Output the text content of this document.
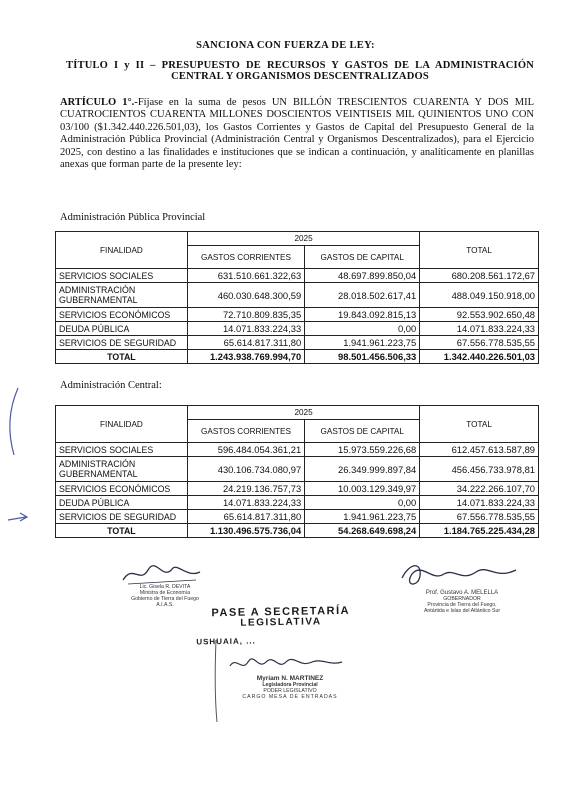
SANCIONA CON FUERZA DE LEY:
TÍTULO I y II – PRESUPUESTO DE RECURSOS Y GASTOS DE LA ADMINISTRACIÓN CENTRAL Y ORGANISMOS DESCENTRALIZADOS
ARTÍCULO 1°.-Fíjase en la suma de pesos UN BILLÓN TRESCIENTOS CUARENTA Y DOS MIL CUATROCIENTOS CUARENTA MILLONES DOSCIENTOS VEINTISEIS MIL QUINIENTOS UNO CON 03/100 ($1.342.440.226.501,03), los Gastos Corrientes y Gastos de Capital del Presupuesto General de la Administración Pública Provincial (Administración Central y Organismos Descentralizados), para el Ejercicio 2025, con destino a las finalidades e instituciones que se indican a continuación, y analíticamente en planillas anexas que forman parte de la presente ley:
Administración Pública Provincial
FINALIDAD	2025		TOTAL
	GASTOS CORRIENTES	GASTOS DE CAPITAL	
SERVICIOS SOCIALES	631.510.661.322,63	48.697.899.850,04	680.208.561.172,67
ADMINISTRACIÓN GUBERNAMENTAL	460.030.648.300,59	28.018.502.617,41	488.049.150.918,00
SERVICIOS ECONÓMICOS	72.710.809.835,35	19.843.092.815,13	92.553.902.650,48
DEUDA PÚBLICA	14.071.833.224,33	0,00	14.071.833.224,33
SERVICIOS DE SEGURIDAD	65.614.817.311,80	1.941.961.223,75	67.556.778.535,55
TOTAL	1.243.938.769.994,70	98.501.456.506,33	1.342.440.226.501,03
Administración Central:
FINALIDAD	2025		TOTAL
	GASTOS CORRIENTES	GASTOS DE CAPITAL	
SERVICIOS SOCIALES	596.484.054.361,21	15.973.559.226,68	612.457.613.587,89
ADMINISTRACIÓN GUBERNAMENTAL	430.106.734.080,97	26.349.999.897,84	456.456.733.978,81
SERVICIOS ECONÓMICOS	24.219.136.757,73	10.003.129.349,97	34.222.266.107,70
DEUDA PÚBLICA	14.071.833.224,33	0,00	14.071.833.224,33
SERVICIOS DE SEGURIDAD	65.614.817.311,80	1.941.961.223,75	67.556.778.535,55
TOTAL	1.130.496.575.736,04	54.268.649.698,24	1.184.765.225.434,28
Lic. Gisela R. DEVITA
Ministra de Economía
Gobierno de Tierra del Fuego
A.I.A.S.
Prof. Gustavo A. MELELLA
GOBERNADOR
Provincia de Tierra del Fuego,
Antártida e Islas del Atlántico Sur
PASE A SECRETARÍA
LEGISLATIVA
USHUAIA, ...
Myriam N. MARTINEZ
Legisladora Provincial
PODER LEGISLATIVO
CARGO MESA DE ENTRADAS
